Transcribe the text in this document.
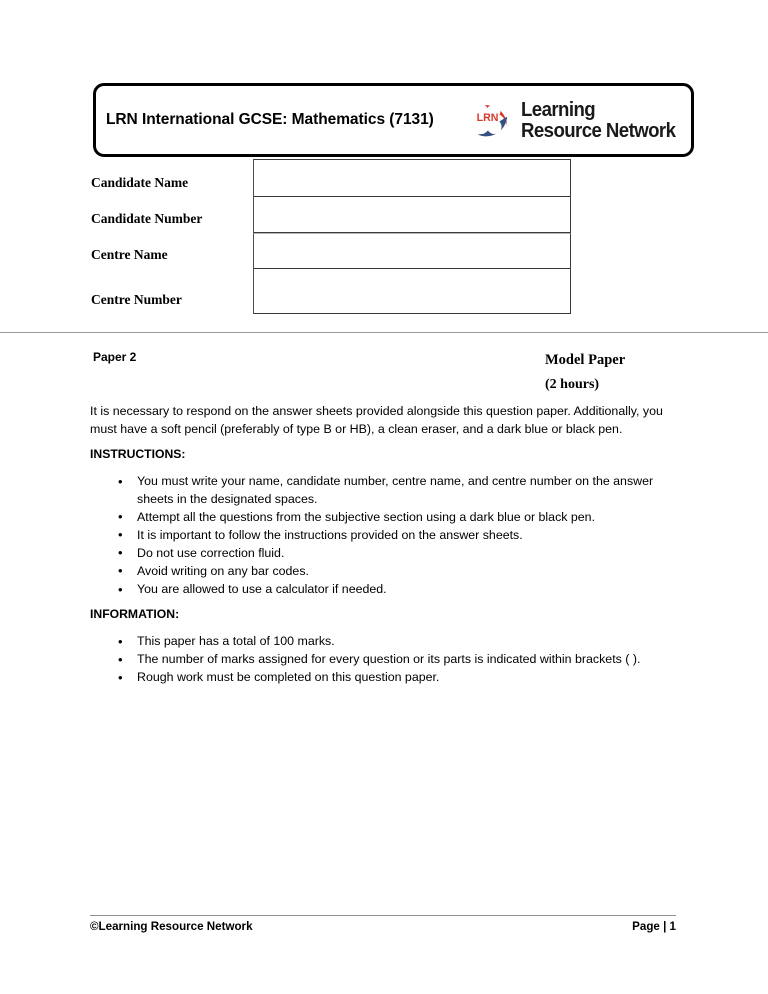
LRN International GCSE: Mathematics (7131) LRN Learning
Resource Network
Candidate Name
Candidate Number
Centre Name
Centre Number
Paper 2	Model Paper
(2 hours)
It is necessary to respond on the answer sheets provided alongside this question paper. Additionally, you must have a soft pencil (preferably of type B or HB), a clean eraser, and a dark blue or black pen.
INSTRUCTIONS:
• You must write your name, candidate number, centre name, and centre number on the answer sheets in the designated spaces.
• Attempt all the questions from the subjective section using a dark blue or black pen.
• It is important to follow the instructions provided on the answer sheets.
• Do not use correction fluid.
• Avoid writing on any bar codes.
• You are allowed to use a calculator if needed.
INFORMATION:
• This paper has a total of 100 marks.
• The number of marks assigned for every question or its parts is indicated within brackets ( ).
• Rough work must be completed on this question paper.
©Learning Resource Network	Page | 1
